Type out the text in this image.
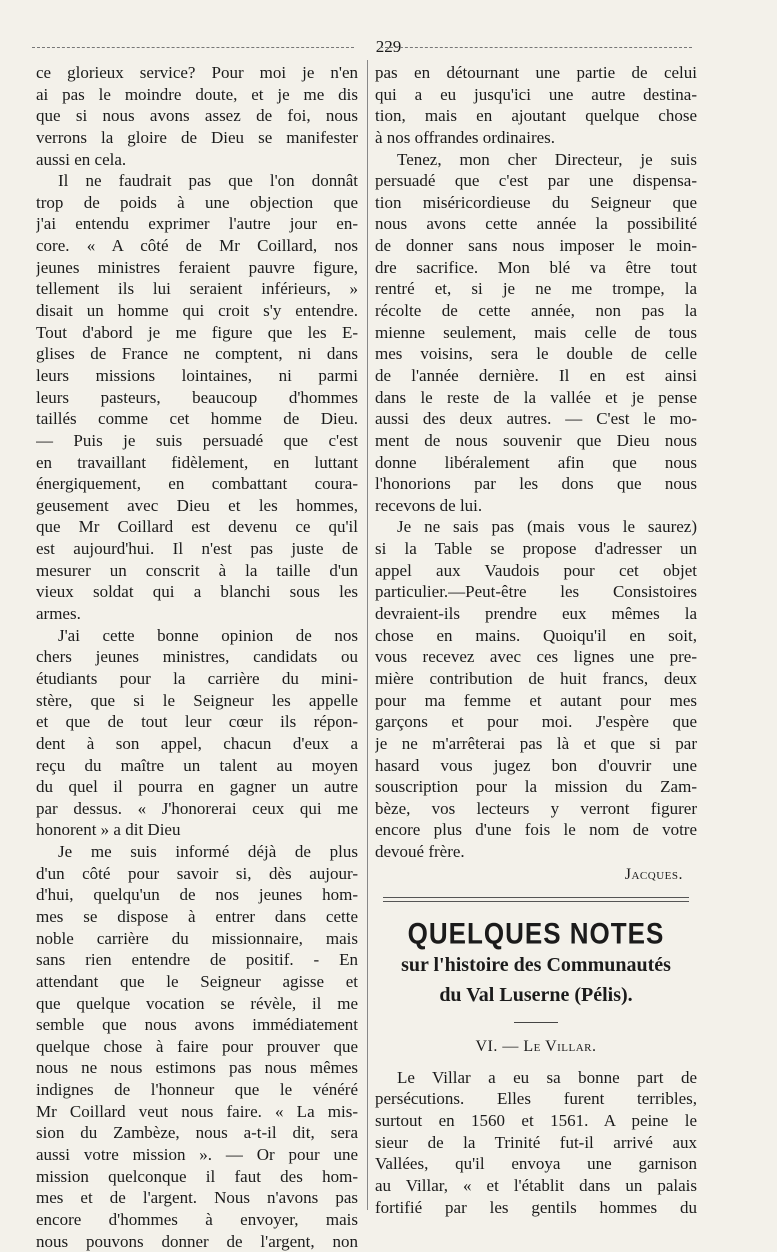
229
ce glorieux service? Pour moi je n'en
ai pas le moindre doute, et je me dis
que si nous avons assez de foi, nous
verrons la gloire de Dieu se manifester
aussi en cela.
Il ne faudrait pas que l'on donnât
trop de poids à une objection que
j'ai entendu exprimer l'autre jour en-
core. « A côté de Mr Coillard, nos
jeunes ministres feraient pauvre figure,
tellement ils lui seraient inférieurs, »
disait un homme qui croit s'y entendre.
Tout d'abord je me figure que les E-
glises de France ne comptent, ni dans
leurs missions lointaines, ni parmi
leurs pasteurs, beaucoup d'hommes
taillés comme cet homme de Dieu.
— Puis je suis persuadé que c'est
en travaillant fidèlement, en luttant
énergiquement, en combattant coura-
geusement avec Dieu et les hommes,
que Mr Coillard est devenu ce qu'il
est aujourd'hui. Il n'est pas juste de
mesurer un conscrit à la taille d'un
vieux soldat qui a blanchi sous les
armes.
J'ai cette bonne opinion de nos
chers jeunes ministres, candidats ou
étudiants pour la carrière du mini-
stère, que si le Seigneur les appelle
et que de tout leur cœur ils répon-
dent à son appel, chacun d'eux a
reçu du maître un talent au moyen
du quel il pourra en gagner un autre
par dessus. « J'honorerai ceux qui me
honorent » a dit Dieu
Je me suis informé déjà de plus
d'un côté pour savoir si, dès aujour-
d'hui, quelqu'un de nos jeunes hom-
mes se dispose à entrer dans cette
noble carrière du missionnaire, mais
sans rien entendre de positif. - En
attendant que le Seigneur agisse et
que quelque vocation se révèle, il me
semble que nous avons immédiatement
quelque chose à faire pour prouver que
nous ne nous estimons pas nous mêmes
indignes de l'honneur que le vénéré
Mr Coillard veut nous faire. « La mis-
sion du Zambèze, nous a-t-il dit, sera
aussi votre mission ». — Or pour une
mission quelconque il faut des hom-
mes et de l'argent. Nous n'avons pas
encore d'hommes à envoyer, mais
nous pouvons donner de l'argent, non
pas en détournant une partie de celui
qui a eu jusqu'ici une autre destina-
tion, mais en ajoutant quelque chose
à nos offrandes ordinaires.
Tenez, mon cher Directeur, je suis
persuadé que c'est par une dispensa-
tion miséricordieuse du Seigneur que
nous avons cette année la possibilité
de donner sans nous imposer le moin-
dre sacrifice. Mon blé va être tout
rentré et, si je ne me trompe, la
récolte de cette année, non pas la
mienne seulement, mais celle de tous
mes voisins, sera le double de celle
de l'année dernière. Il en est ainsi
dans le reste de la vallée et je pense
aussi des deux autres. — C'est le mo-
ment de nous souvenir que Dieu nous
donne libéralement afin que nous
l'honorions par les dons que nous
recevons de lui.
Je ne sais pas (mais vous le saurez)
si la Table se propose d'adresser un
appel aux Vaudois pour cet objet
particulier.—Peut-être les Consistoires
devraient-ils prendre eux mêmes la
chose en mains. Quoiqu'il en soit,
vous recevez avec ces lignes une pre-
mière contribution de huit francs, deux
pour ma femme et autant pour mes
garçons et pour moi. J'espère que
je ne m'arrêterai pas là et que si par
hasard vous jugez bon d'ouvrir une
souscription pour la mission du Zam-
bèze, vos lecteurs y verront figurer
encore plus d'une fois le nom de votre
devoué frère.
Jacques.
QUELQUES NOTES
sur l'histoire des Communautés
du Val Luserne (Pélis).
VI. — Le Villar.
Le Villar a eu sa bonne part de
persécutions. Elles furent terribles,
surtout en 1560 et 1561. A peine le
sieur de la Trinité fut-il arrivé aux
Vallées, qu'il envoya une garnison
au Villar, « et l'établit dans un palais
fortifié par les gentils hommes du
